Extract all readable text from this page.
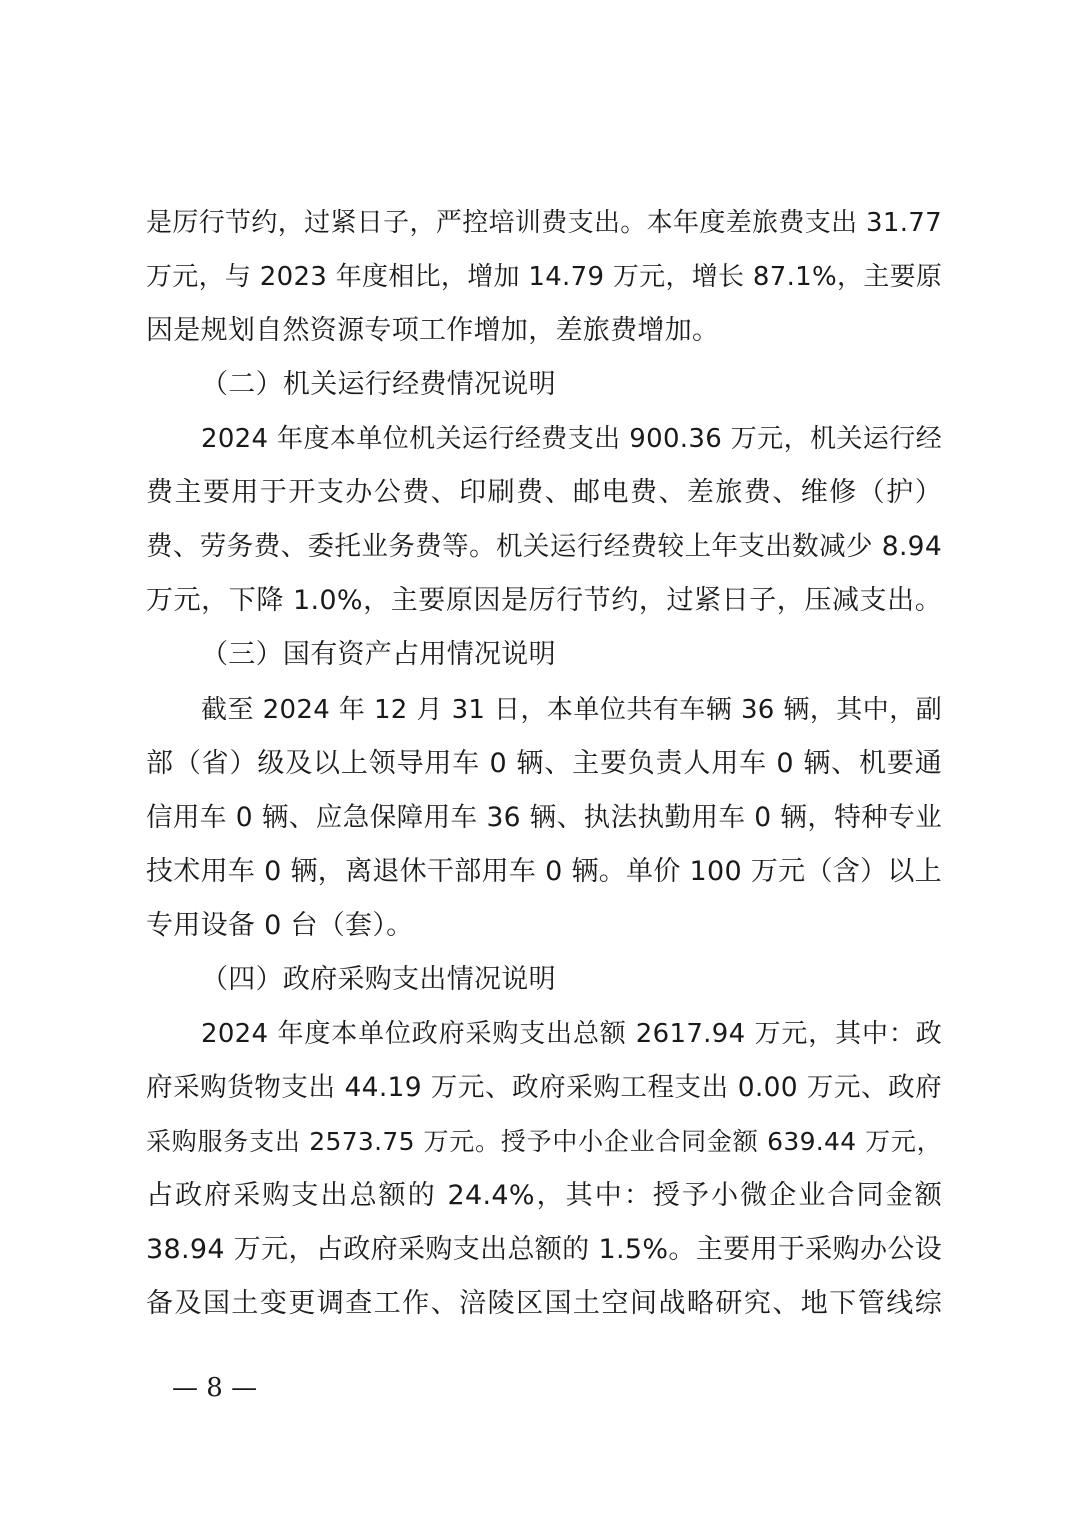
是厉行节约，过紧日子，严控培训费支出。本年度差旅费支出 31.77
万元，与 2023 年度相比，增加 14.79 万元，增长 87.1%，主要原
因是规划自然资源专项工作增加，差旅费增加。
（二）机关运行经费情况说明
2024 年度本单位机关运行经费支出 900.36 万元，机关运行经
费主要用于开支办公费、印刷费、邮电费、差旅费、维修（护）
费、劳务费、委托业务费等。机关运行经费较上年支出数减少 8.94
万元，下降 1.0%，主要原因是厉行节约，过紧日子，压减支出。
（三）国有资产占用情况说明
截至 2024 年 12 月 31 日，本单位共有车辆 36 辆，其中，副
部（省）级及以上领导用车 0 辆、主要负责人用车 0 辆、机要通
信用车 0 辆、应急保障用车 36 辆、执法执勤用车 0 辆，特种专业
技术用车 0 辆，离退休干部用车 0 辆。单价 100 万元（含）以上
专用设备 0 台（套）。
（四）政府采购支出情况说明
2024 年度本单位政府采购支出总额 2617.94 万元，其中：政
府采购货物支出 44.19 万元、政府采购工程支出 0.00 万元、政府
采购服务支出 2573.75 万元。授予中小企业合同金额 639.44 万元，
占政府采购支出总额的 24.4%，其中：授予小微企业合同金额
38.94 万元，占政府采购支出总额的 1.5%。主要用于采购办公设
备及国土变更调查工作、涪陵区国土空间战略研究、地下管线综
— 8 —
